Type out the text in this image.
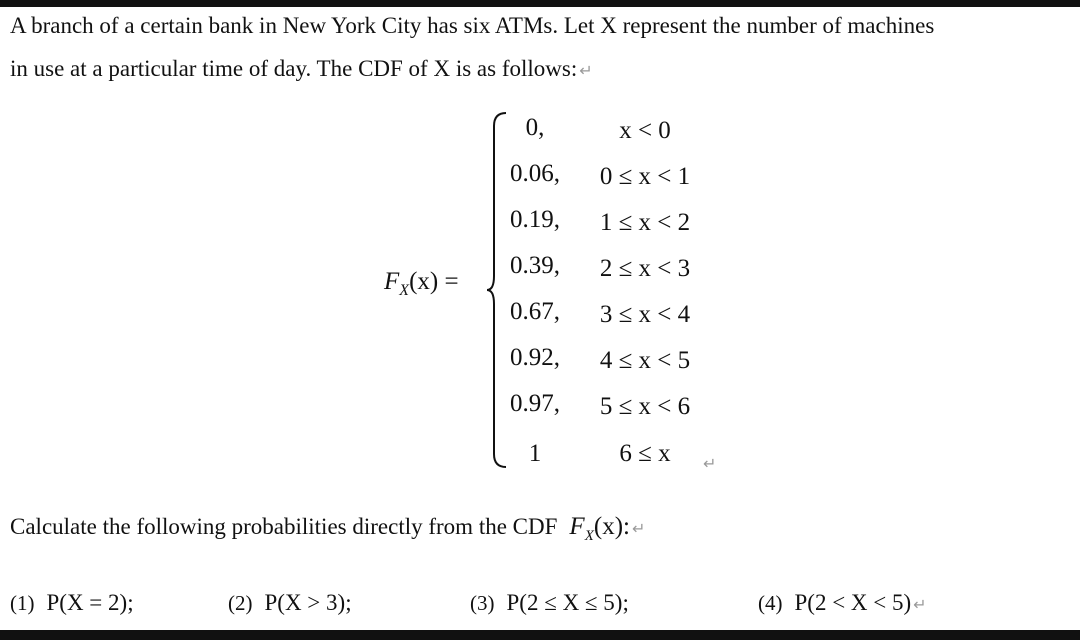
A branch of a certain bank in New York City has six ATMs. Let X represent the number of machines
in use at a particular time of day. The CDF of X is as follows: ↵
$F_X(x)$ =
0,	x < 0
0.06,	0 ≤ x < 1
0.19,	1 ≤ x < 2
0.39,	2 ≤ x < 3
0.67,	3 ≤ x < 4
0.92,	4 ≤ x < 5
0.97,	5 ≤ x < 6
1	6 ≤ x	↵
Calculate the following probabilities directly from the CDF $F_X(x)$: ↵
(1) P(X = 2);	(2) P(X > 3);	(3) P(2 ≤ X ≤ 5);	(4) P(2 < X < 5) ↵
